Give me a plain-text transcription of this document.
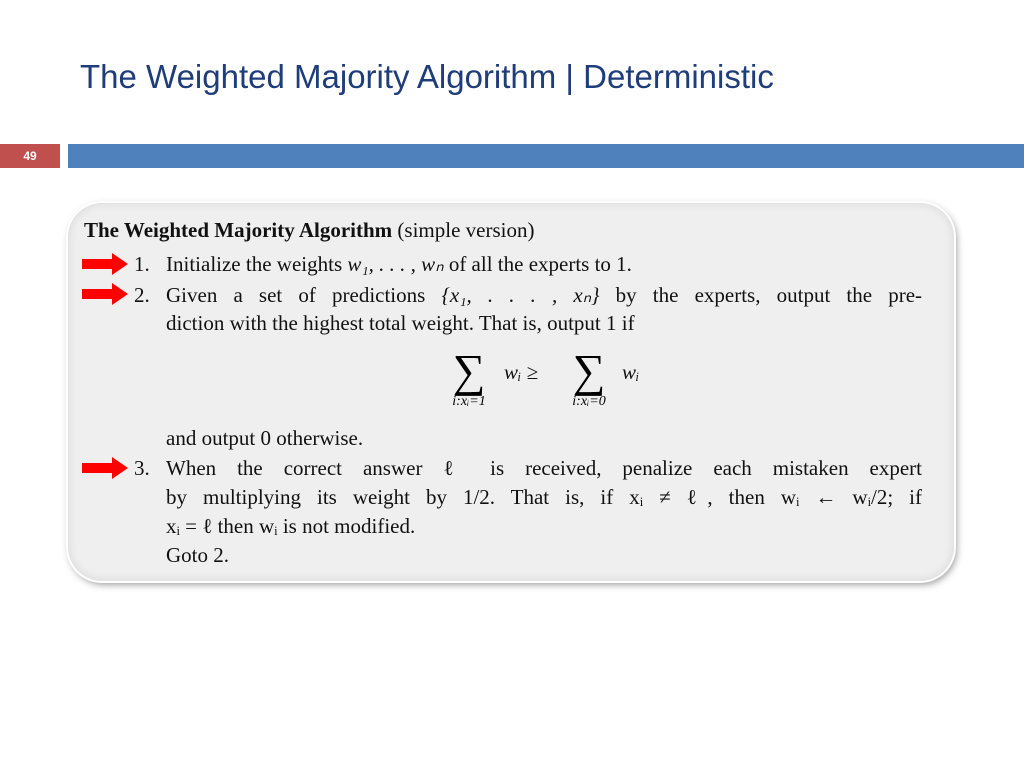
The Weighted Majority Algorithm | Deterministic
49
The Weighted Majority Algorithm (simple version)
1. Initialize the weights w₁, . . . , wₙ of all the experts to 1.
2. Given a set of predictions {x₁, . . . , xₙ} by the experts, output the pre-
diction with the highest total weight. That is, output 1 if
∑
i:xᵢ=1
wᵢ ≥ ∑
i:xᵢ=0
wᵢ
and output 0 otherwise.
3. When the correct answer ℓ is received, penalize each mistaken expert
by multiplying its weight by 1/2. That is, if xᵢ ≠ ℓ, then wᵢ ← wᵢ/2; if
xᵢ = ℓ then wᵢ is not modified.
Goto 2.
